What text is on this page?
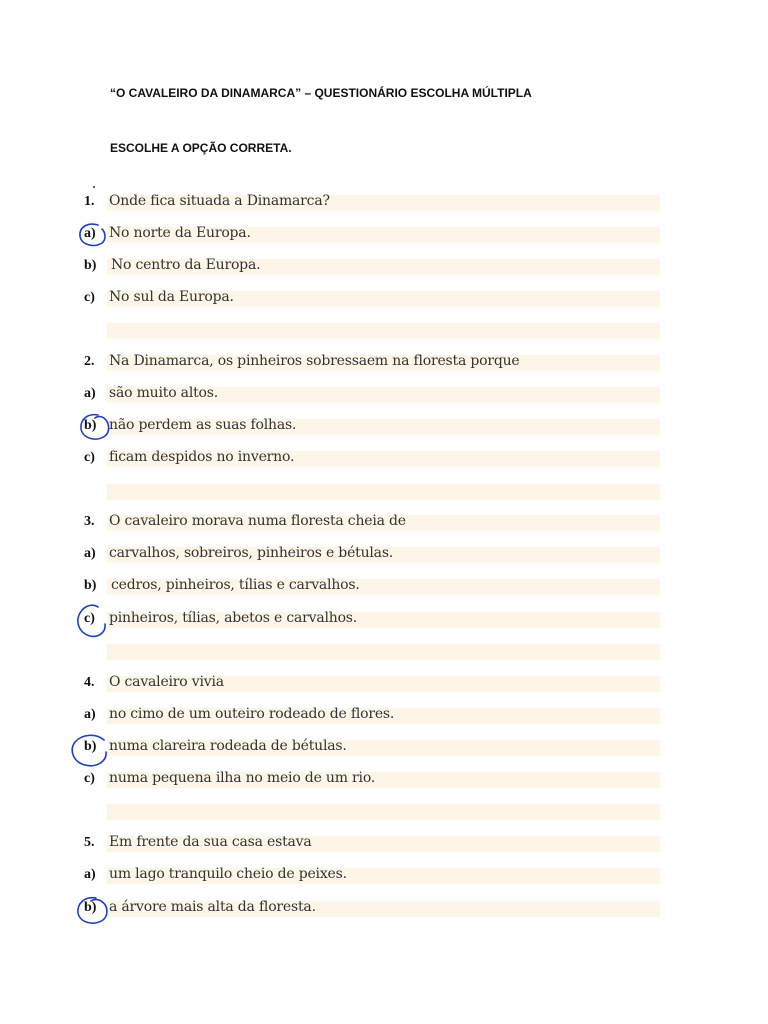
“O CAVALEIRO DA DINAMARCA” – QUESTIONÁRIO ESCOLHA MÚLTIPLA
ESCOLHE A OPÇÃO CORRETA.
1.	Onde fica situada a Dinamarca?
a) No norte da Europa.
b)	No centro da Europa.
c)	No sul da Europa.
2.	Na Dinamarca, os pinheiros sobressaem na floresta porque
a) são muito altos.
b) não perdem as suas folhas.
c)	ficam despidos no inverno.
3.	O cavaleiro morava numa floresta cheia de
a) carvalhos, sobreiros, pinheiros e bétulas.
b)	cedros, pinheiros, tílias e carvalhos.
c)	pinheiros, tílias, abetos e carvalhos.
4.	O cavaleiro vivia
a) no cimo de um outeiro rodeado de flores.
b) numa clareira rodeada de bétulas.
c)	numa pequena ilha no meio de um rio.
5.	Em frente da sua casa estava
a) um lago tranquilo cheio de peixes.
b) a árvore mais alta da floresta.
